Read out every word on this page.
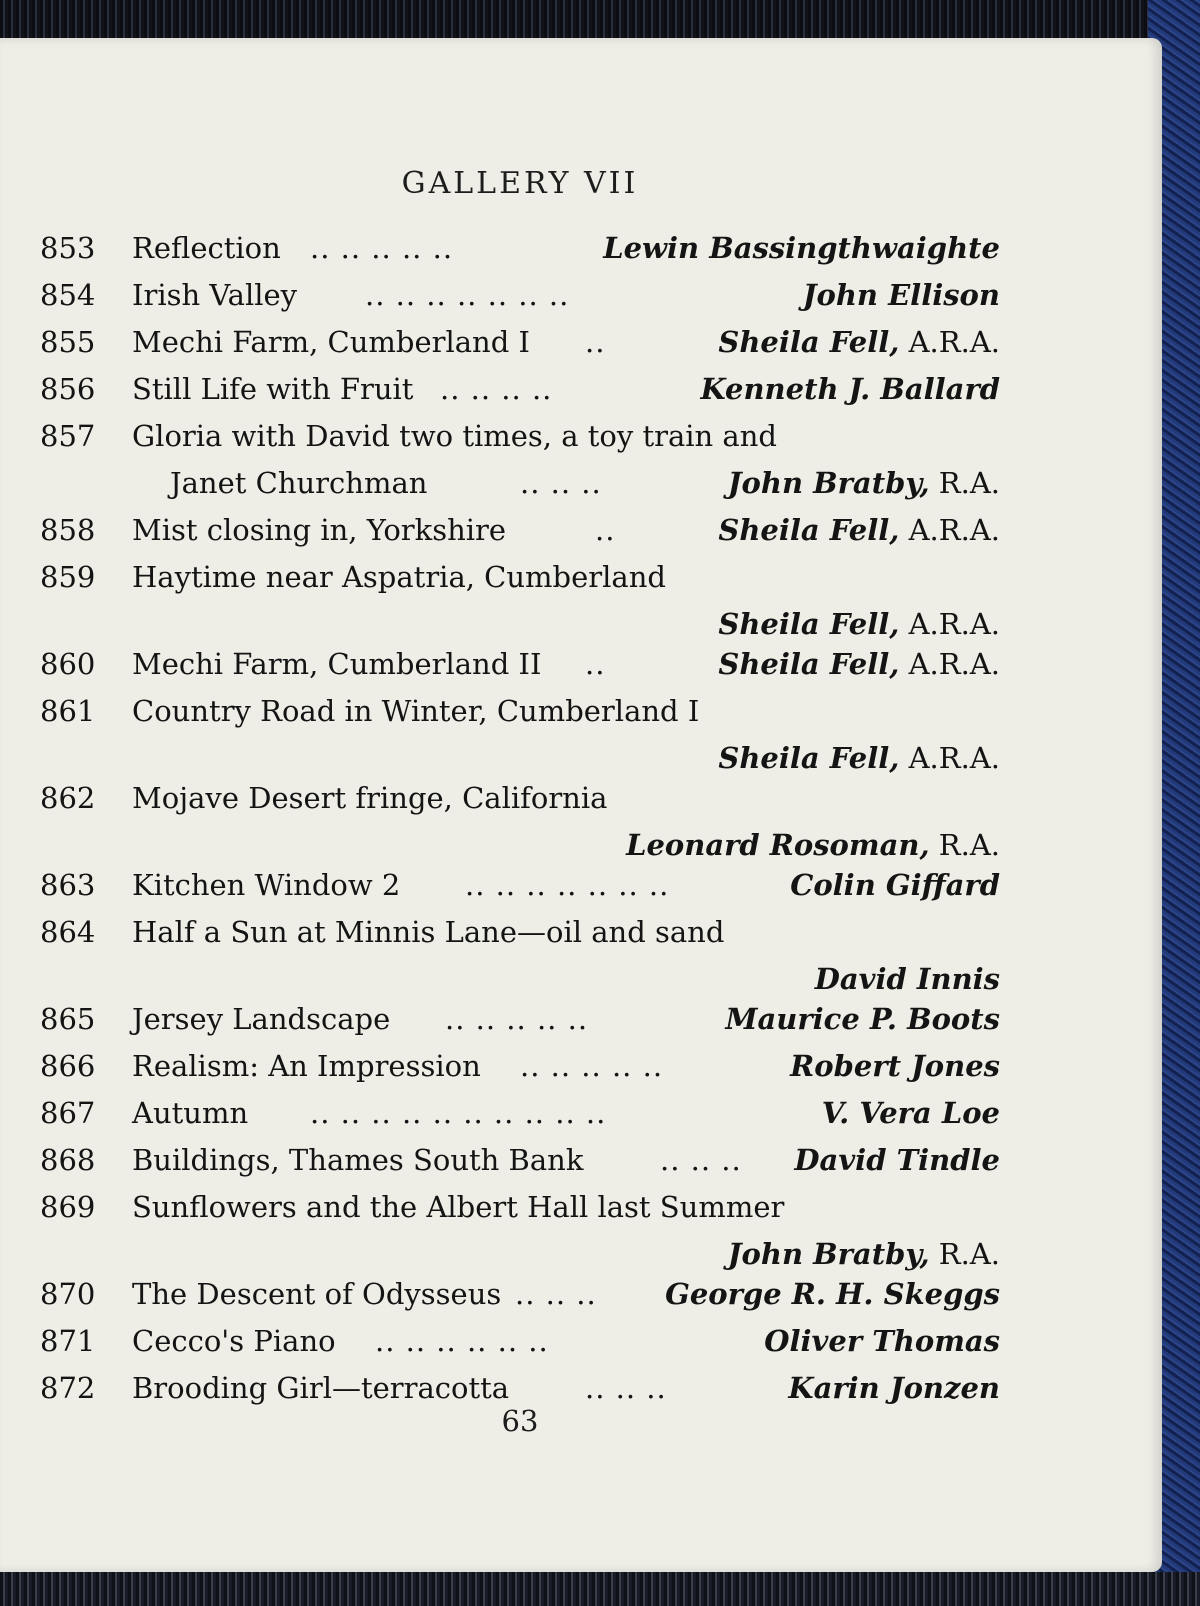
GALLERY VII
853	Reflection .. .. .. .. ..	Lewin Bassingthwaighte
854	Irish Valley .. .. .. .. .. .. ..	John Ellison
855	Mechi Farm, Cumberland I ..	Sheila Fell, A.R.A.
856	Still Life with Fruit .. .. .. ..	Kenneth J. Ballard
857	Gloria with David two times, a toy train and
Janet Churchman	.. .. ..	John Bratby, R.A.
858	Mist closing in, Yorkshire	..	Sheila Fell, A.R.A.
859	Haytime near Aspatria, Cumberland
Sheila Fell, A.R.A.
860	Mechi Farm, Cumberland II ..	Sheila Fell, A.R.A.
861	Country Road in Winter, Cumberland I
Sheila Fell, A.R.A.
862	Mojave Desert fringe, California
Leonard Rosoman, R.A.
863	Kitchen Window 2 .. .. .. .. .. .. ..	Colin Giffard
864	Half a Sun at Minnis Lane—oil and sand
David Innis
865	Jersey Landscape .. .. .. .. ..	Maurice P. Boots
866	Realism: An Impression .. .. .. .. ..	Robert Jones
867	Autumn .. .. .. .. .. .. .. .. .. ..	V. Vera Loe
868	Buildings, Thames South Bank	.. .. .. David Tindle
869	Sunflowers and the Albert Hall last Summer
John Bratby, R.A.
870	The Descent of Odysseus .. .. .. George R. H. Skeggs
871	Cecco's Piano .. .. .. .. .. ..	Oliver Thomas
872	Brooding Girl—terracotta	.. .. ..	Karin Jonzen
63
